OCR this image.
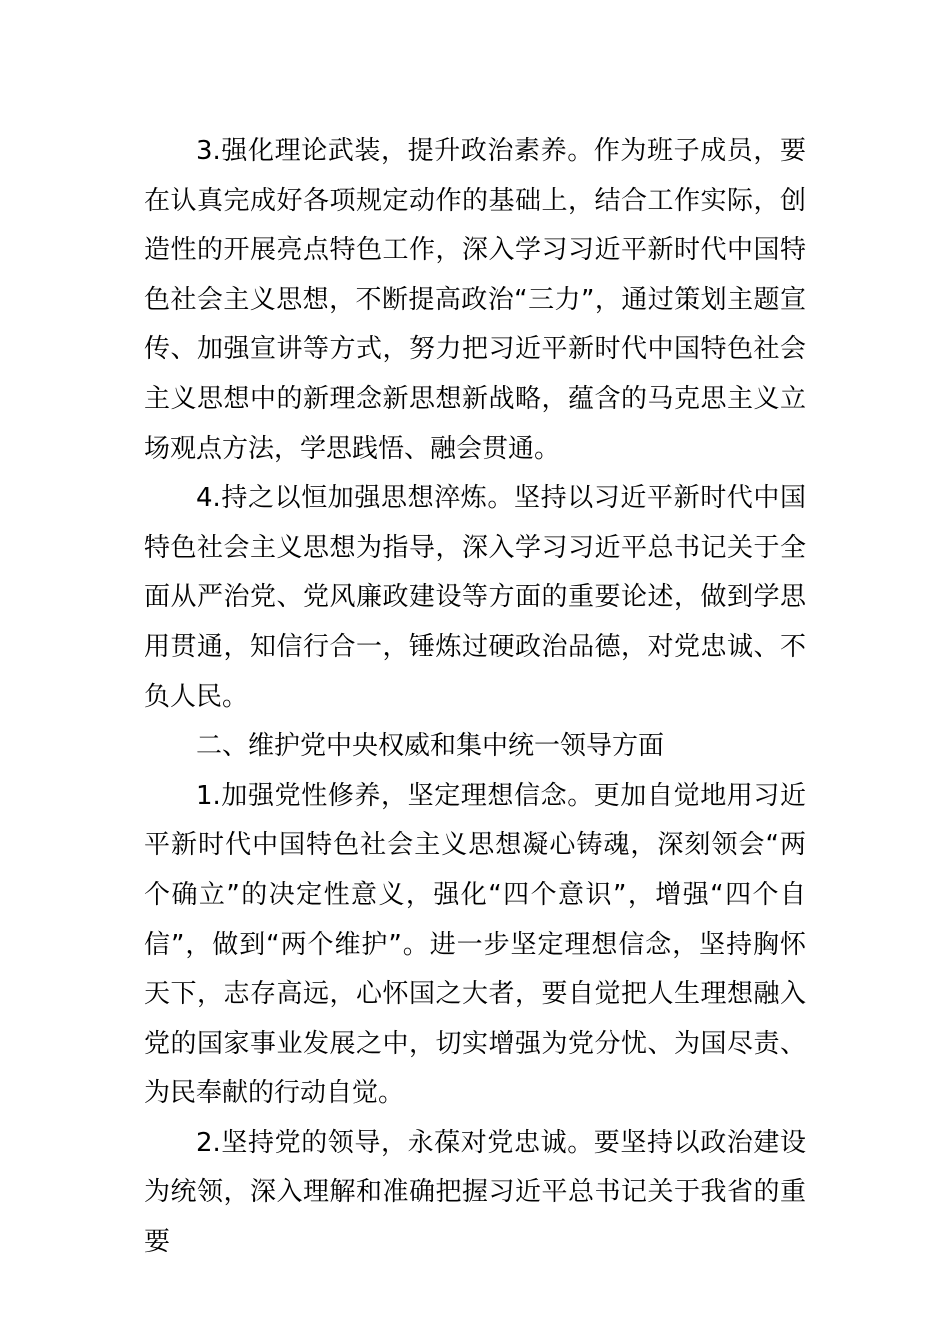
3.强化理论武装，提升政治素养。作为班子成员，要在认真完成好各项规定动作的基础上，结合工作实际，创造性的开展亮点特色工作，深入学习习近平新时代中国特色社会主义思想，不断提高政治“三力”，通过策划主题宣传、加强宣讲等方式，努力把习近平新时代中国特色社会主义思想中的新理念新思想新战略，蕴含的马克思主义立场观点方法，学思践悟、融会贯通。

4.持之以恒加强思想淬炼。坚持以习近平新时代中国特色社会主义思想为指导，深入学习习近平总书记关于全面从严治党、党风廉政建设等方面的重要论述，做到学思用贯通，知信行合一，锤炼过硬政治品德，对党忠诚、不负人民。

二、维护党中央权威和集中统一领导方面

1.加强党性修养，坚定理想信念。更加自觉地用习近平新时代中国特色社会主义思想凝心铸魂，深刻领会“两个确立”的决定性意义，强化“四个意识”，增强“四个自信”，做到“两个维护”。进一步坚定理想信念，坚持胸怀天下，志存高远，心怀国之大者，要自觉把人生理想融入党的国家事业发展之中，切实增强为党分忧、为国尽责、为民奉献的行动自觉。

2.坚持党的领导，永葆对党忠诚。要坚持以政治建设为统领，深入理解和准确把握习近平总书记关于我省的重要
